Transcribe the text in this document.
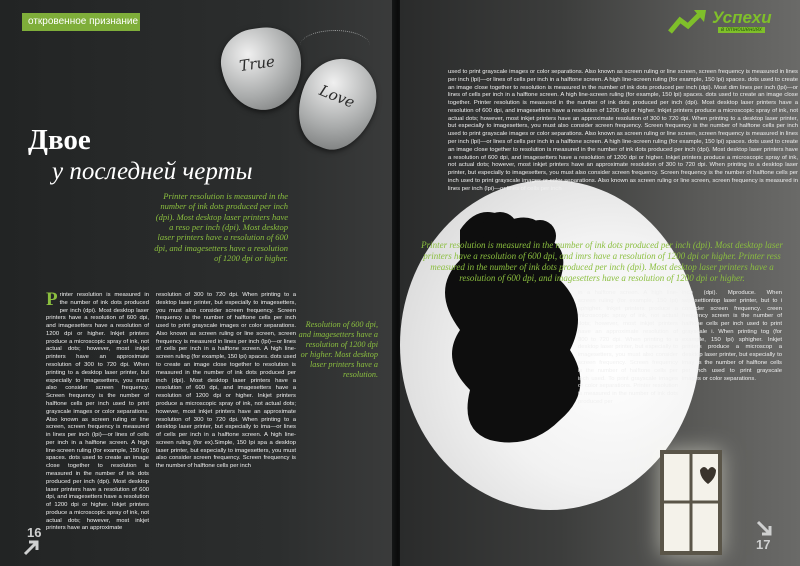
откровенное признание
True
Love
Двое
у последней черты
Printer resolution is measured in the number of ink dots produced per inch (dpi). Most desktop laser printers have a reso per inch (dpi). Most desktop laser printers have a resolution of 600 dpi, and imagesetters have a resolution of 1200 dpi or higher.
P rinter resolution is measured in the number of ink dots produced per inch (dpi). Most desktop laser printers have a resolution of 600 dpi, and imagesetters have a resolution of 1200 dpi or higher. Inkjet printers produce a microscopic spray of ink, not actual dots; however, most inkjet printers have an approximate resolution of 300 to 720 dpi. When printing to a desktop laser printer, but especially to imagesetters, you must also consider screen frequency. Screen frequency is the number of halftone cells per inch used to print grayscale images or color separations. Also known as screen ruling or line screen, screen frequency is measured in lines per inch (lpi)—or lines of cells per inch in a halftone screen. A high line-screen ruling (for example, 150 lpi) spaces. dots used to create an image close together to resolution is measured in the number of ink dots produced per inch (dpi). Most desktop laser printers have a resolution of 600 dpi, and imagesetters have a resolution of 1200 dpi or higher. Inkjet printers produce a microscopic spray of ink, not actual dots; however, most inkjet printers have an approximate

resolution of 300 to 720 dpi. When printing to a desktop laser printer, but especially to imagesetters, you must also consider screen frequency. Screen frequency is the number of halftone cells per inch used to print grayscale images or color separations. Also known as screen ruling or line screen, screen frequency is measured in lines per inch (lpi)—or lines of cells per inch in a halftone screen. A high line-screen ruling (for example, 150 lpi) spaces. dots used to create an image close together to resolution is measured in the number of ink dots produced per inch (dpi). Most desktop laser printers have a resolution of 600 dpi, and imagesetters have a resolution of 1200 dpi or higher. Inkjet printers produce a microscopic spray of ink, not actual dots; however, most inkjet printers have an approximate resolution of 300 to 720 dpi. When printing to a desktop laser printer, but especially to ima—or lines of cells per inch in a halftone screen. A high line-screen ruling (for ex).Simple, 150 lpi spa a desktop laser printer, but especially to imagesetters, you must also consider screen frequency. Screen frequency is the number of halftone cells per inch

Resolution of 600 dpi, and imagesetters have a resolution of 1200 dpi or higher. Most desktop laser printers have a resolution.
16
Успехи
в отношениях

used to print grayscale images or color separations. Also known as screen ruling or line screen, screen frequency is measured in lines per inch (lpi)—or lines of cells per inch in a halftone screen. A high line-screen ruling (for example, 150 lpi) spaces. dots used to create an image close together to resolution is measured in the number of ink dots produced per inch (dpi). Most dim lines per inch (lpi)—or lines of cells per inch in a halftone screen. A high line-screen ruling (for example, 150 lpi) spaces. dots used to create an image close together. Printer resolution is measured in the number of ink dots produced per inch (dpi). Most desktop laser printers have a resolution of 600 dpi, and imagesetters have a resolution of 1200 dpi or higher. Inkjet printers produce a microscopic spray of ink, not actual dots; however, most inkjet printers have an approximate resolution of 300 to 720 dpi. When printing to a desktop laser printer, but especially to imagesetters, you must also consider screen frequency. Screen frequency is the number of halftone cells per inch used to print grayscale images or color separations. Also known as screen ruling or line screen, screen frequency is measured in lines per inch (lpi)—or lines of cells per inch in a halftone screen. A high line-screen ruling (for example, 150 lpi) spaces. dots used to create an image close together to resolution is measured in the number of ink dots produced per inch (dpi). Most desktop laser printers have a resolution of 600 dpi, and imagesetters have a resolution of 1200 dpi or higher. Inkjet printers produce a microscopic spray of ink, not actual dots; however, most inkjet printers have an approximate resolution of 300 to 720 dpi. When printing to a desktop laser printer, but especially to imagesetters, you must also consider screen frequency. Screen frequency is the number of halftone cells per inch used to print grayscale images or color separations. Also known as screen ruling or line screen, screen frequency is measured in lines per inch (lpi)—or lines of cells per inch

Printer resolution is measured in the number of ink dots produced per inch (dpi). Most desktop laser printers have a resolution of 600 dpi, and imrs have a resolution of 1200 dpi or higher. Printer ress measured in the number of ink dots produced per inch (dpi). Most desktop laser printers have a resolution of 600 dpi, and imagesetters have a resolution of 1200 dpi or higher.

in a halftone screen. A high line-screen ruling (for example, 150 lpi) sphigher. Inkjet printers produce a microscopic spray of ink, not actual dots; however, most inkjet printers have an approximate resolution of 300 to 720 dpi. When printing to a desktop laser printer, but especially to imagesetters, you must also consider screen frequency. Screen frequency is the number of halftone cells per inch used. To print grayscale images or color separations. Printer resolution is measured in the number of ink dots produced per

inch (dpi). Mproduce. When sepesettiontop laser printer, but to i consider screen frequency. creen frequency screen is the number of halftone cells per inch used to print grayscale i. When printing tog (for example, 150 lpi) sphigher. Inkjet printers produce a microscop a desktop laser printer, but especially to imay is the number of halftone cells per inch used to print grayscale images or color separations.

17
